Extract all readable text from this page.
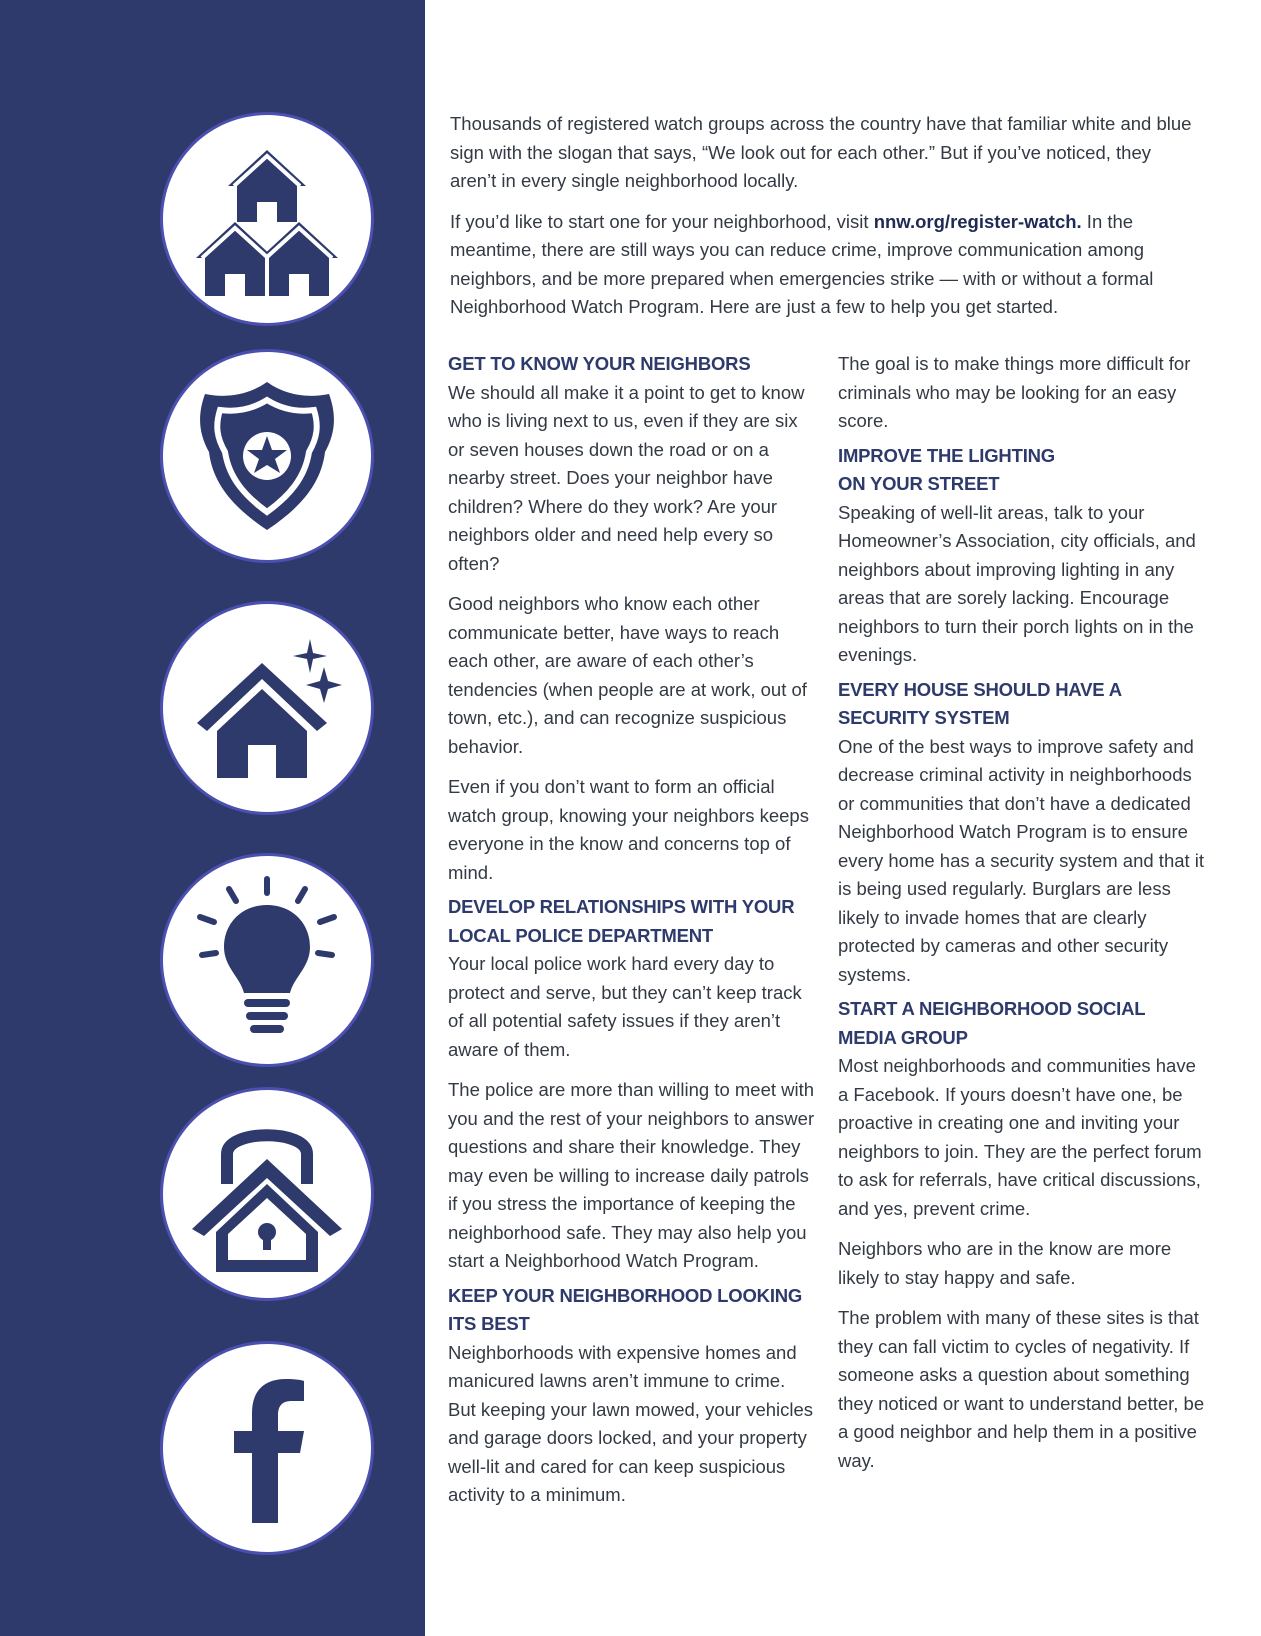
Thousands of registered watch groups across the country have that familiar white and blue sign with the slogan that says, “We look out for each other.” But if you’ve noticed, they aren’t in every single neighborhood locally.

If you’d like to start one for your neighborhood, visit nnw.org/register-watch. In the meantime, there are still ways you can reduce crime, improve communication among neighbors, and be more prepared when emergencies strike — with or without a formal Neighborhood Watch Program. Here are just a few to help you get started.

GET TO KNOW YOUR NEIGHBORS

We should all make it a point to get to know who is living next to us, even if they are six or seven houses down the road or on a nearby street. Does your neighbor have children? Where do they work? Are your neighbors older and need help every so often?

Good neighbors who know each other communicate better, have ways to reach each other, are aware of each other’s tendencies (when people are at work, out of town, etc.), and can recognize suspicious behavior.

Even if you don’t want to form an official watch group, knowing your neighbors keeps everyone in the know and concerns top of mind.

DEVELOP RELATIONSHIPS WITH YOUR LOCAL POLICE DEPARTMENT

Your local police work hard every day to protect and serve, but they can’t keep track of all potential safety issues if they aren’t aware of them.

The police are more than willing to meet with you and the rest of your neighbors to answer questions and share their knowledge. They may even be willing to increase daily patrols if you stress the importance of keeping the neighborhood safe. They may also help you start a Neighborhood Watch Program.

KEEP YOUR NEIGHBORHOOD LOOKING ITS BEST

Neighborhoods with expensive homes and manicured lawns aren’t immune to crime. But keeping your lawn mowed, your vehicles and garage doors locked, and your property well-lit and cared for can keep suspicious activity to a minimum.

The goal is to make things more difficult for criminals who may be looking for an easy score.

IMPROVE THE LIGHTING ON YOUR STREET

Speaking of well-lit areas, talk to your Homeowner’s Association, city officials, and neighbors about improving lighting in any areas that are sorely lacking. Encourage neighbors to turn their porch lights on in the evenings.

EVERY HOUSE SHOULD HAVE A SECURITY SYSTEM

One of the best ways to improve safety and decrease criminal activity in neighborhoods or communities that don’t have a dedicated Neighborhood Watch Program is to ensure every home has a security system and that it is being used regularly. Burglars are less likely to invade homes that are clearly protected by cameras and other security systems.

START A NEIGHBORHOOD SOCIAL MEDIA GROUP

Most neighborhoods and communities have a Facebook. If yours doesn’t have one, be proactive in creating one and inviting your neighbors to join. They are the perfect forum to ask for referrals, have critical discussions, and yes, prevent crime.

Neighbors who are in the know are more likely to stay happy and safe.

The problem with many of these sites is that they can fall victim to cycles of negativity. If someone asks a question about something they noticed or want to understand better, be a good neighbor and help them in a positive way.
